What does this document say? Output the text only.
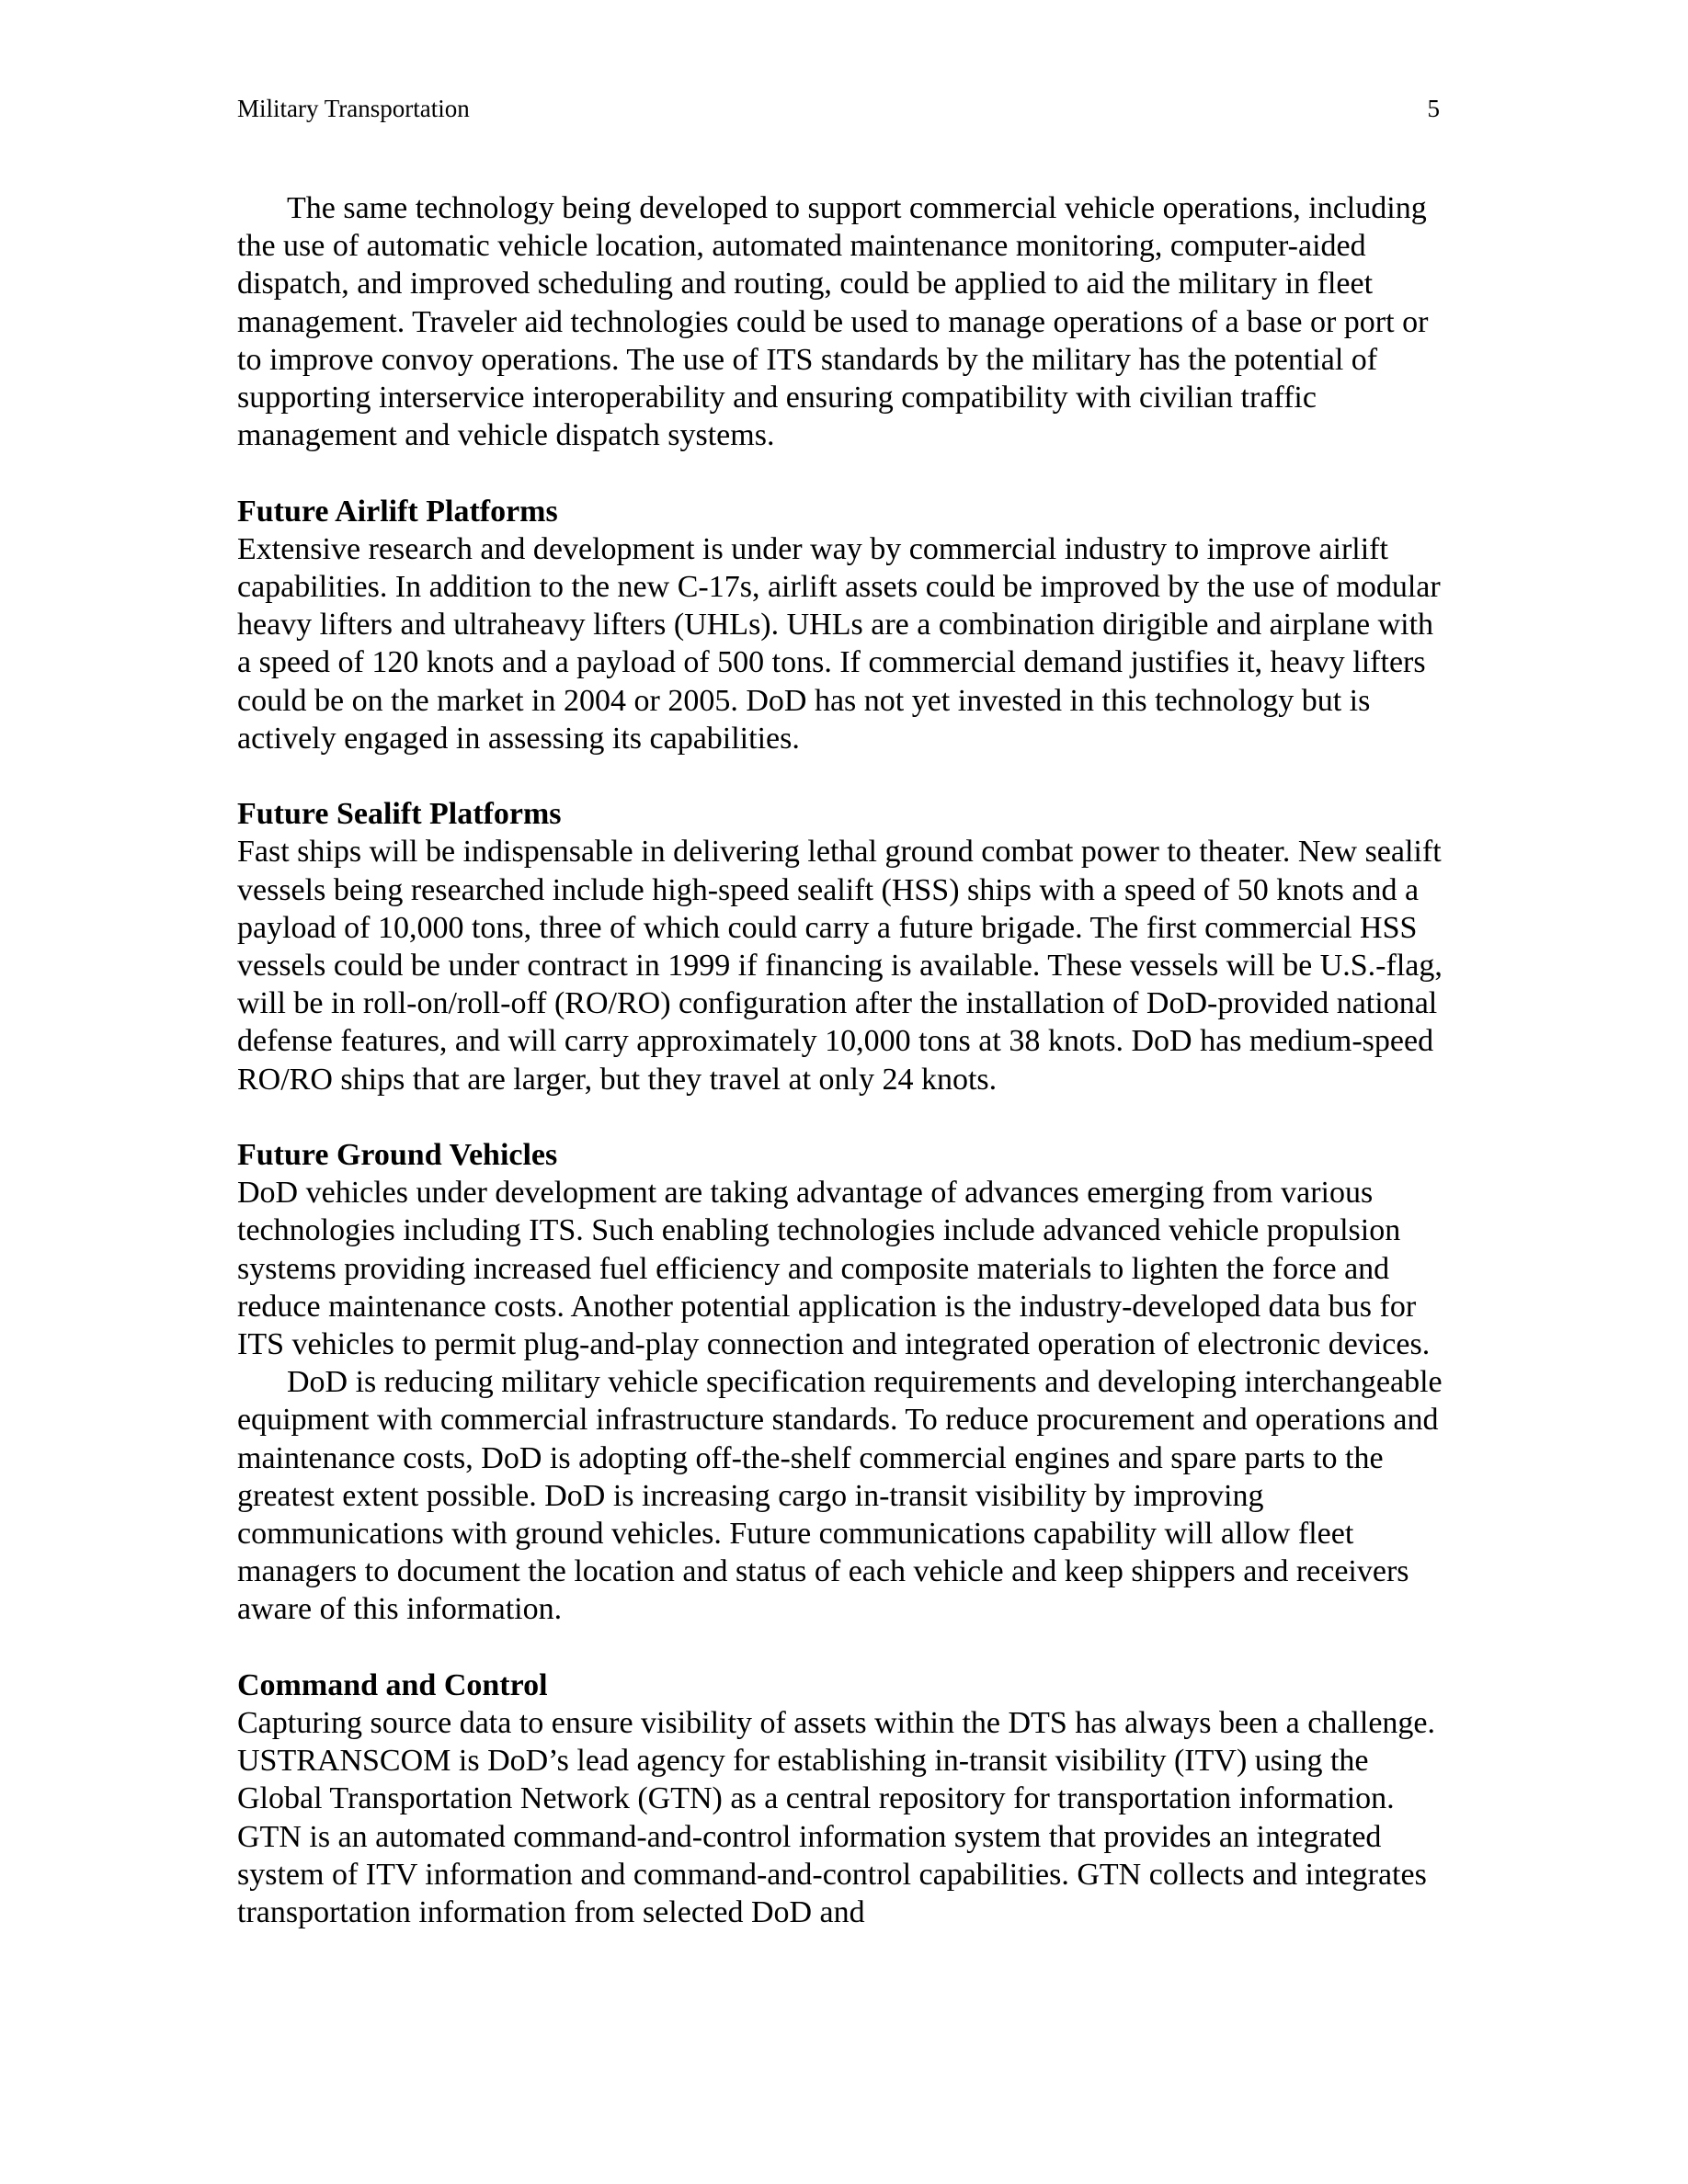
Military Transportation	5

The same technology being developed to support commercial vehicle operations, including the use of automatic vehicle location, automated maintenance monitoring, computer-aided dispatch, and improved scheduling and routing, could be applied to aid the military in fleet management. Traveler aid technologies could be used to manage operations of a base or port or to improve convoy operations. The use of ITS standards by the military has the potential of supporting interservice interoperability and ensuring compatibility with civilian traffic management and vehicle dispatch systems.

Future Airlift Platforms

Extensive research and development is under way by commercial industry to improve airlift capabilities. In addition to the new C-17s, airlift assets could be improved by the use of modular heavy lifters and ultraheavy lifters (UHLs). UHLs are a combination dirigible and airplane with a speed of 120 knots and a payload of 500 tons. If commercial demand justifies it, heavy lifters could be on the market in 2004 or 2005. DoD has not yet invested in this technology but is actively engaged in assessing its capabilities.

Future Sealift Platforms

Fast ships will be indispensable in delivering lethal ground combat power to theater. New sealift vessels being researched include high-speed sealift (HSS) ships with a speed of 50 knots and a payload of 10,000 tons, three of which could carry a future brigade. The first commercial HSS vessels could be under contract in 1999 if financing is available. These vessels will be U.S.-flag, will be in roll-on/roll-off (RO/RO) configuration after the installation of DoD-provided national defense features, and will carry approximately 10,000 tons at 38 knots. DoD has medium-speed RO/RO ships that are larger, but they travel at only 24 knots.

Future Ground Vehicles

DoD vehicles under development are taking advantage of advances emerging from various technologies including ITS. Such enabling technologies include advanced vehicle propulsion systems providing increased fuel efficiency and composite materials to lighten the force and reduce maintenance costs. Another potential application is the industry-developed data bus for ITS vehicles to permit plug-and-play connection and integrated operation of electronic devices.

DoD is reducing military vehicle specification requirements and developing interchangeable equipment with commercial infrastructure standards. To reduce procurement and operations and maintenance costs, DoD is adopting off-the-shelf commercial engines and spare parts to the greatest extent possible. DoD is increasing cargo in-transit visibility by improving communications with ground vehicles. Future communications capability will allow fleet managers to document the location and status of each vehicle and keep shippers and receivers aware of this information.

Command and Control

Capturing source data to ensure visibility of assets within the DTS has always been a challenge. USTRANSCOM is DoD’s lead agency for establishing in-transit visibility (ITV) using the Global Transportation Network (GTN) as a central repository for transportation information. GTN is an automated command-and-control information system that provides an integrated system of ITV information and command-and-control capabilities. GTN collects and integrates transportation information from selected DoD and
